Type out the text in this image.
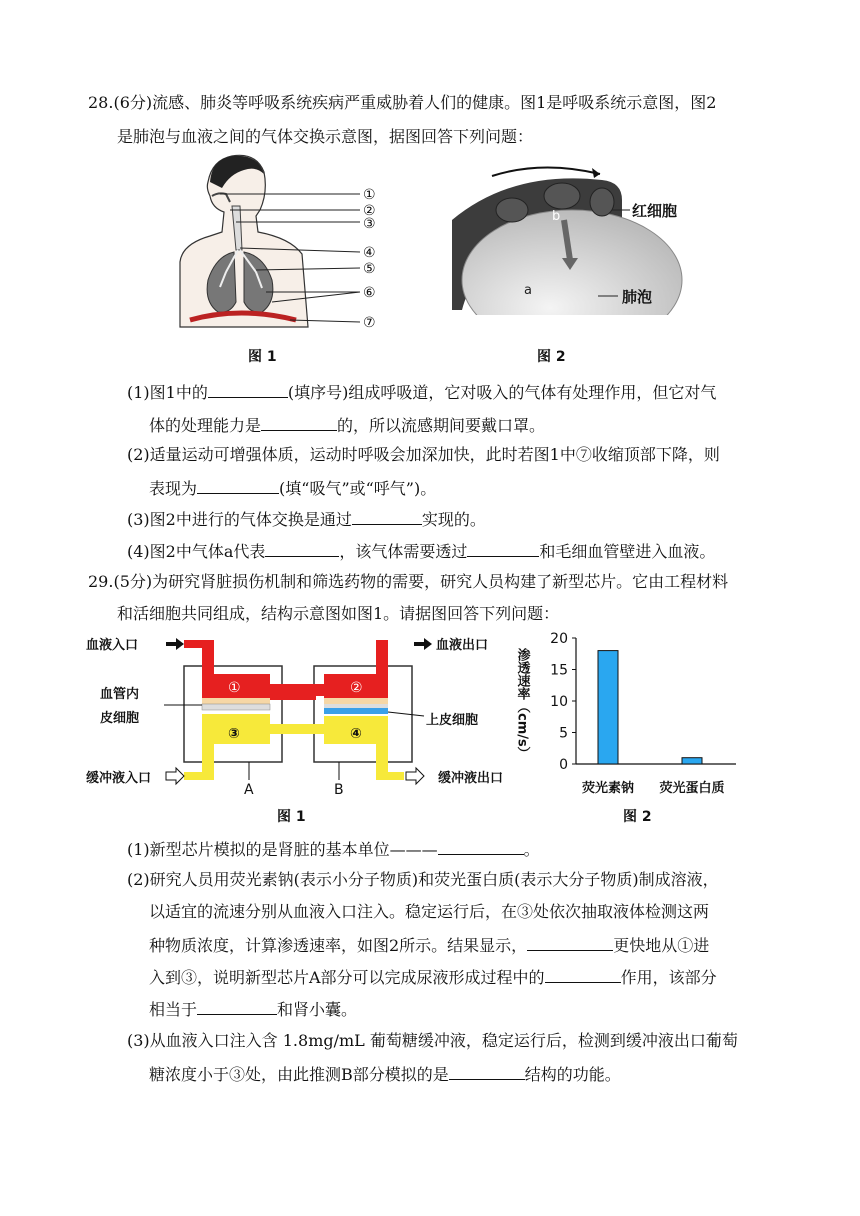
28.(6分)流感、肺炎等呼吸系统疾病严重威胁着人们的健康。图1是呼吸系统示意图，图2
是肺泡与血液之间的气体交换示意图，据图回答下列问题：
①
②
③
④
⑤
⑥
⑦
图 1
b
a
红细胞
肺泡
图 2
(1)图1中的	(填序号)组成呼吸道，它对吸入的气体有处理作用，但它对气
体的处理能力是	的，所以流感期间要戴口罩。
(2)适量运动可增强体质，运动时呼吸会加深加快，此时若图1中⑦收缩顶部下降，则
表现为	(填“吸气”或“呼气”)。
(3)图2中进行的气体交换是通过	实现的。
(4)图2中气体a代表	，该气体需要透过	和毛细血管壁进入血液。
29.(5分)为研究肾脏损伤机制和筛选药物的需要，研究人员构建了新型芯片。它由工程材料
和活细胞共同组成，结构示意图如图1。请据图回答下列问题：
①	②
③	④
血液入口	血液出口
血管内
皮细胞	上皮细胞
缓冲液入口	缓冲液出口
A	B
图 1
渗透速率（cm/s）
0
5
10
15
20
荧光素钠 荧光蛋白质
图 2
(1)新型芯片模拟的是肾脏的基本单位———	。
(2)研究人员用荧光素钠(表示小分子物质)和荧光蛋白质(表示大分子物质)制成溶液，
以适宜的流速分别从血液入口注入。稳定运行后，在③处依次抽取液体检测这两
种物质浓度，计算渗透速率，如图2所示。结果显示，	更快地从①进
入到③，说明新型芯片A部分可以完成尿液形成过程中的	作用，该部分
相当于	和肾小囊。
(3)从血液入口注入含 1.8mg/mL 葡萄糖缓冲液，稳定运行后，检测到缓冲液出口葡萄
糖浓度小于③处，由此推测B部分模拟的是	结构的功能。
